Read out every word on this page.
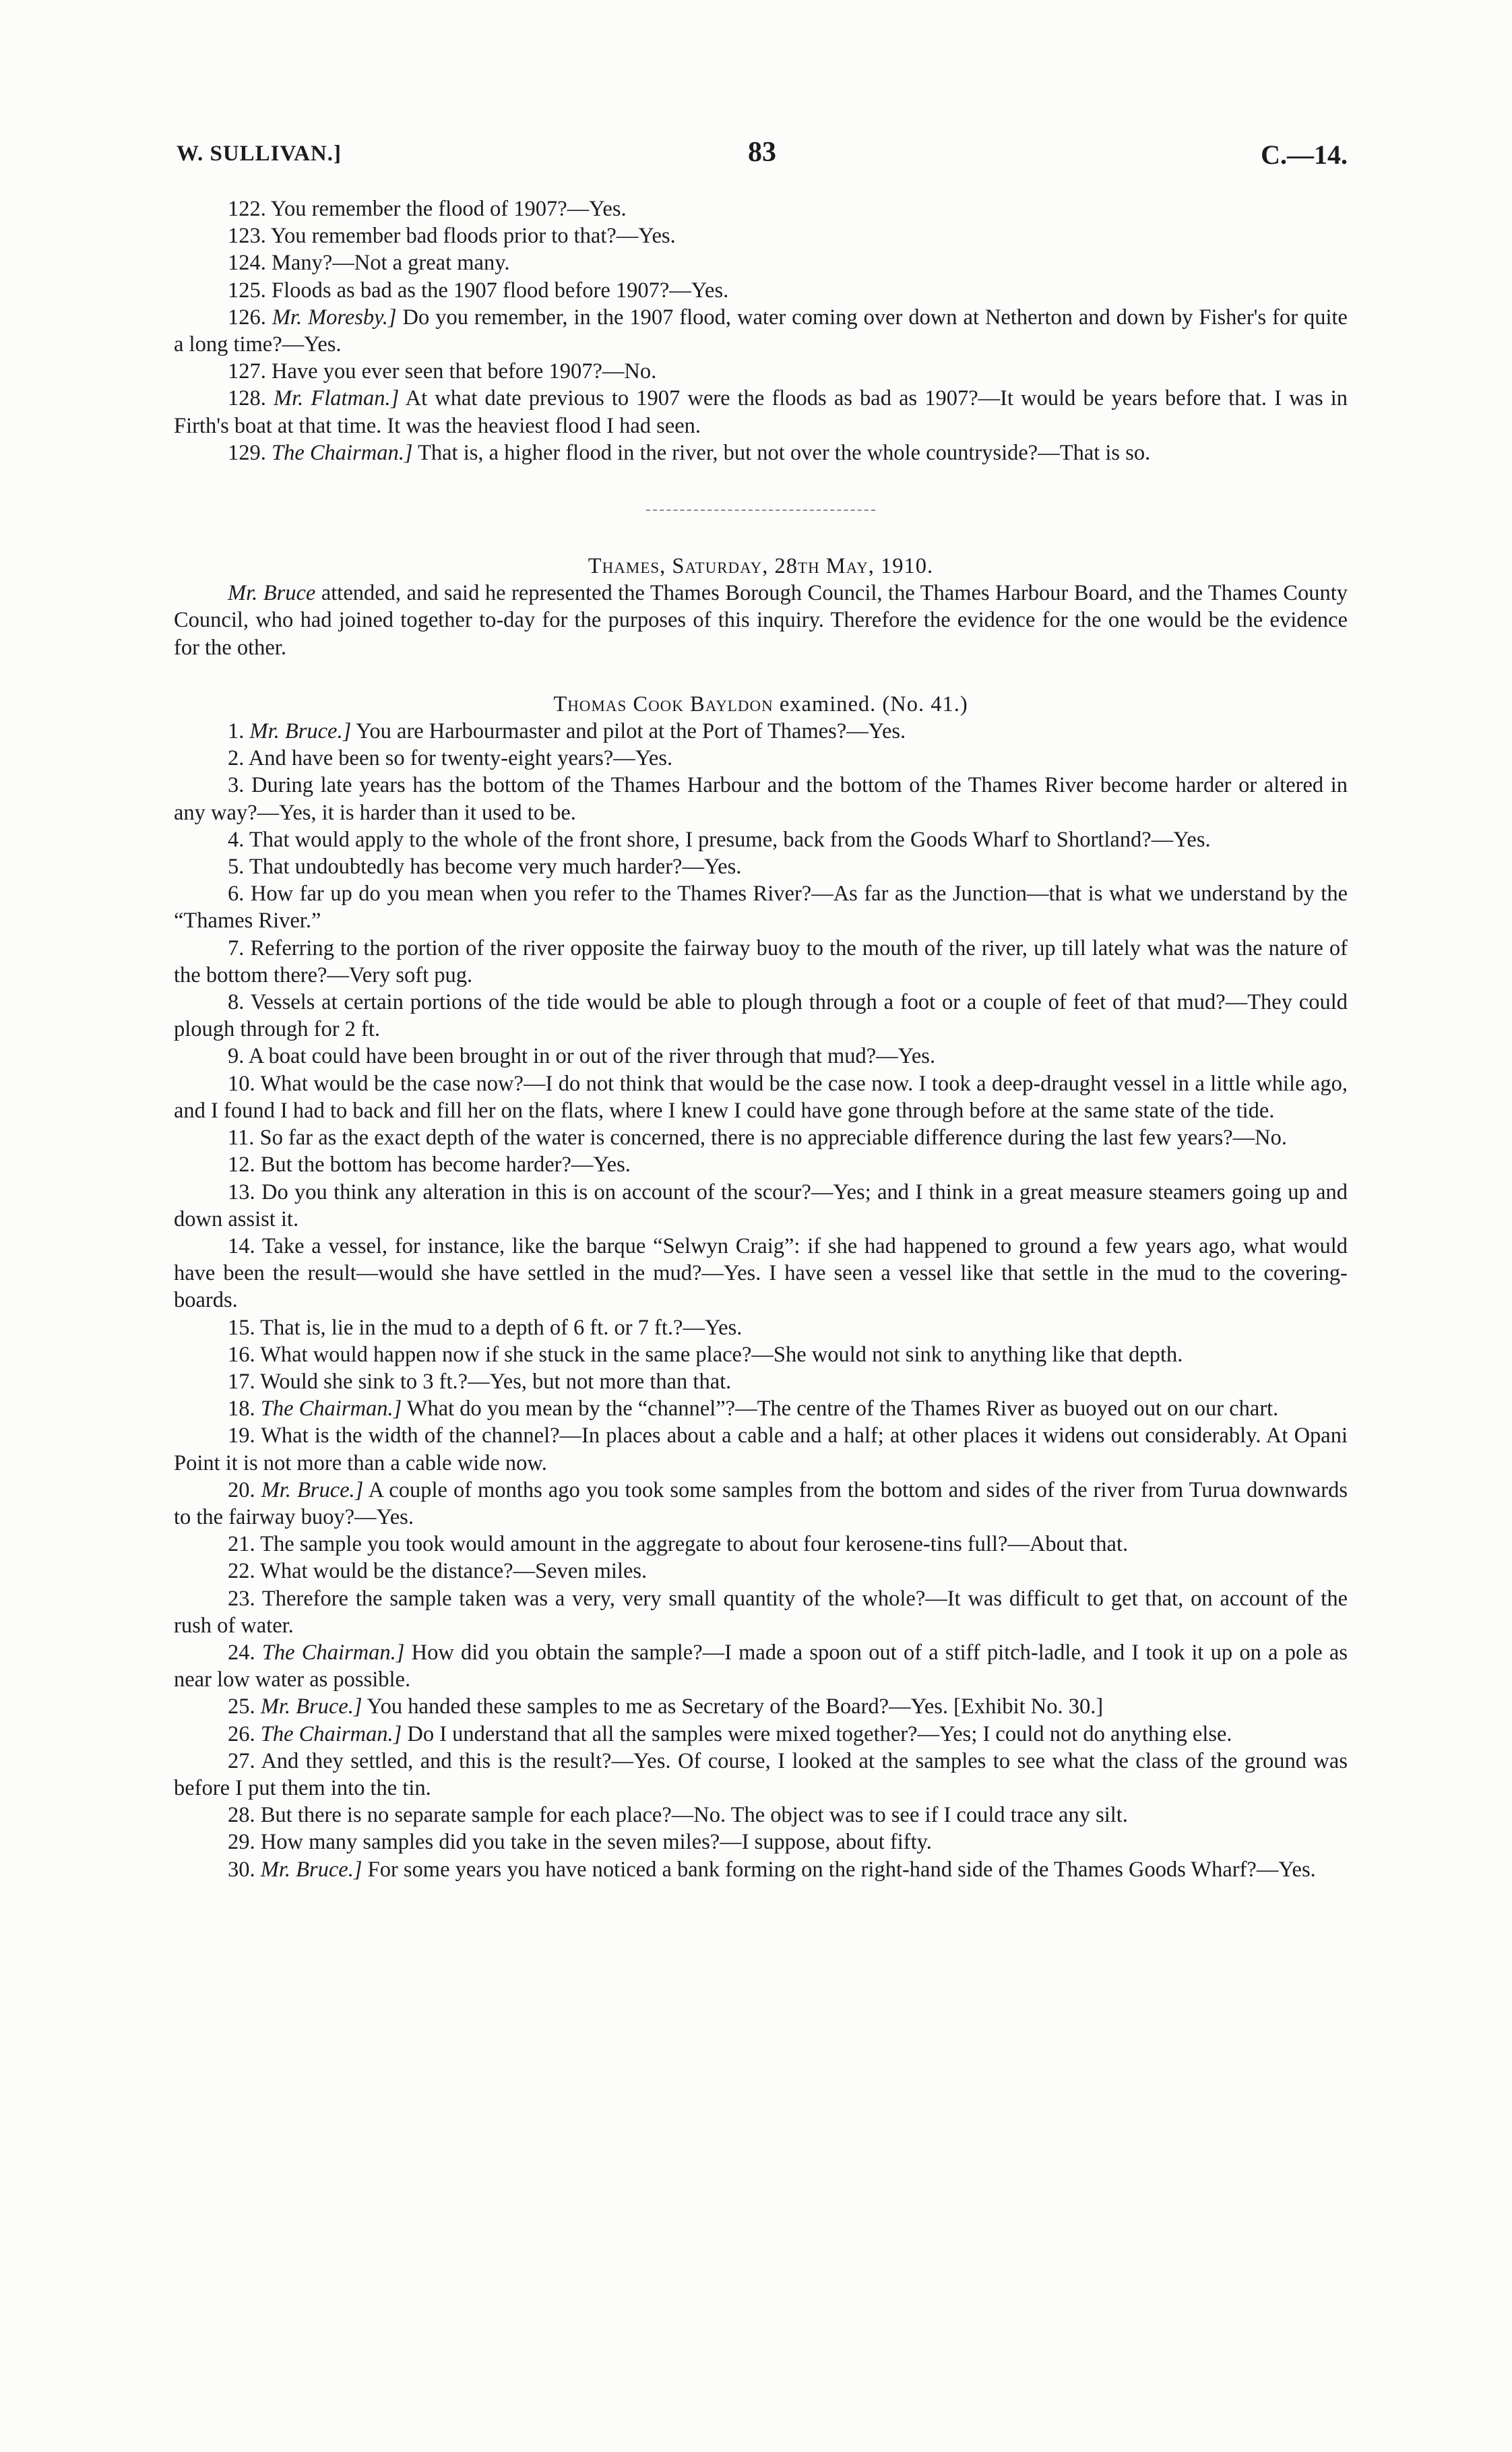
W. SULLIVAN.]	83	C.—14.

122. You remember the flood of 1907?—Yes.

123. You remember bad floods prior to that?—Yes.

124. Many?—Not a great many.

125. Floods as bad as the 1907 flood before 1907?—Yes.

126. Mr. Moresby.] Do you remember, in the 1907 flood, water coming over down at Netherton and down by Fisher's for quite a long time?—Yes.

127. Have you ever seen that before 1907?—No.

128. Mr. Flatman.] At what date previous to 1907 were the floods as bad as 1907?—It would be years before that. I was in Firth's boat at that time. It was the heaviest flood I had seen.

129. The Chairman.] That is, a higher flood in the river, but not over the whole countryside?—That is so.

Thames, Saturday, 28th May, 1910.

Mr. Bruce attended, and said he represented the Thames Borough Council, the Thames Harbour Board, and the Thames County Council, who had joined together to-day for the purposes of this inquiry. Therefore the evidence for the one would be the evidence for the other.

Thomas Cook Bayldon examined. (No. 41.)

1. Mr. Bruce.] You are Harbourmaster and pilot at the Port of Thames?—Yes.

2. And have been so for twenty-eight years?—Yes.

3. During late years has the bottom of the Thames Harbour and the bottom of the Thames River become harder or altered in any way?—Yes, it is harder than it used to be.

4. That would apply to the whole of the front shore, I presume, back from the Goods Wharf to Shortland?—Yes.

5. That undoubtedly has become very much harder?—Yes.

6. How far up do you mean when you refer to the Thames River?—As far as the Junction—that is what we understand by the “Thames River.”

7. Referring to the portion of the river opposite the fairway buoy to the mouth of the river, up till lately what was the nature of the bottom there?—Very soft pug.

8. Vessels at certain portions of the tide would be able to plough through a foot or a couple of feet of that mud?—They could plough through for 2 ft.

9. A boat could have been brought in or out of the river through that mud?—Yes.

10. What would be the case now?—I do not think that would be the case now. I took a deep-draught vessel in a little while ago, and I found I had to back and fill her on the flats, where I knew I could have gone through before at the same state of the tide.

11. So far as the exact depth of the water is concerned, there is no appreciable difference during the last few years?—No.

12. But the bottom has become harder?—Yes.

13. Do you think any alteration in this is on account of the scour?—Yes; and I think in a great measure steamers going up and down assist it.

14. Take a vessel, for instance, like the barque “Selwyn Craig”: if she had happened to ground a few years ago, what would have been the result—would she have settled in the mud?—Yes. I have seen a vessel like that settle in the mud to the covering-boards.

15. That is, lie in the mud to a depth of 6 ft. or 7 ft.?—Yes.

16. What would happen now if she stuck in the same place?—She would not sink to anything like that depth.

17. Would she sink to 3 ft.?—Yes, but not more than that.

18. The Chairman.] What do you mean by the “channel”?—The centre of the Thames River as buoyed out on our chart.

19. What is the width of the channel?—In places about a cable and a half; at other places it widens out considerably. At Opani Point it is not more than a cable wide now.

20. Mr. Bruce.] A couple of months ago you took some samples from the bottom and sides of the river from Turua downwards to the fairway buoy?—Yes.

21. The sample you took would amount in the aggregate to about four kerosene-tins full?—About that.

22. What would be the distance?—Seven miles.

23. Therefore the sample taken was a very, very small quantity of the whole?—It was difficult to get that, on account of the rush of water.

24. The Chairman.] How did you obtain the sample?—I made a spoon out of a stiff pitch-ladle, and I took it up on a pole as near low water as possible.

25. Mr. Bruce.] You handed these samples to me as Secretary of the Board?—Yes. [Exhibit No. 30.]

26. The Chairman.] Do I understand that all the samples were mixed together?—Yes; I could not do anything else.

27. And they settled, and this is the result?—Yes. Of course, I looked at the samples to see what the class of the ground was before I put them into the tin.

28. But there is no separate sample for each place?—No. The object was to see if I could trace any silt.

29. How many samples did you take in the seven miles?—I suppose, about fifty.

30. Mr. Bruce.] For some years you have noticed a bank forming on the right-hand side of the Thames Goods Wharf?—Yes.
